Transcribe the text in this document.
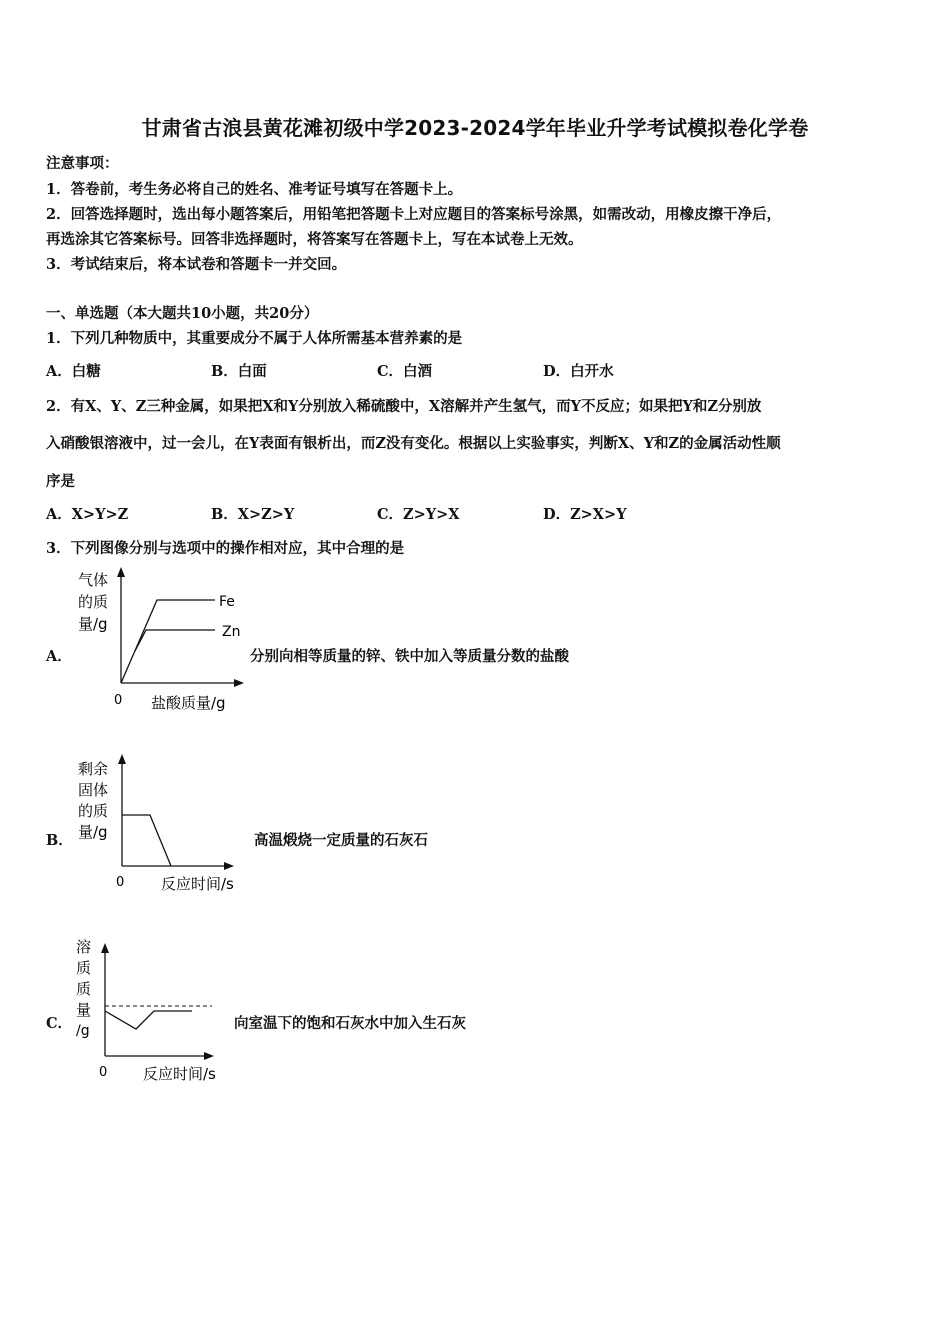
甘肃省古浪县黄花滩初级中学2023-2024学年毕业升学考试模拟卷化学卷
注意事项：
1．答卷前，考生务必将自己的姓名、准考证号填写在答题卡上。
2．回答选择题时，选出每小题答案后，用铅笔把答题卡上对应题目的答案标号涂黑，如需改动，用橡皮擦干净后，
再选涂其它答案标号。回答非选择题时，将答案写在答题卡上，写在本试卷上无效。
3．考试结束后，将本试卷和答题卡一并交回。
一、单选题（本大题共10小题，共20分）
1．下列几种物质中，其重要成分不属于人体所需基本营养素的是
A．白糖	B．白面	C．白酒	D．白开水
2．有X、Y、Z三种金属，如果把X和Y分别放入稀硫酸中，X溶解并产生氢气，而Y不反应；如果把Y和Z分别放
入硝酸银溶液中，过一会儿，在Y表面有银析出，而Z没有变化。根据以上实验事实，判断X、Y和Z的金属活动性顺
序是
A．X>Y>Z	B．X>Z>Y	C．Z>Y>X	D．Z>X>Y
3．下列图像分别与选项中的操作相对应，其中合理的是
A．
气体
的质
量/g
Fe
Zn
0 盐酸质量/g
分别向相等质量的锌、铁中加入等质量分数的盐酸
B．
剩余
固体
的质
量/g
0 反应时间/s
高温煅烧一定质量的石灰石
C．
溶
质
质
量
/g
0 反应时间/s
向室温下的饱和石灰水中加入生石灰
